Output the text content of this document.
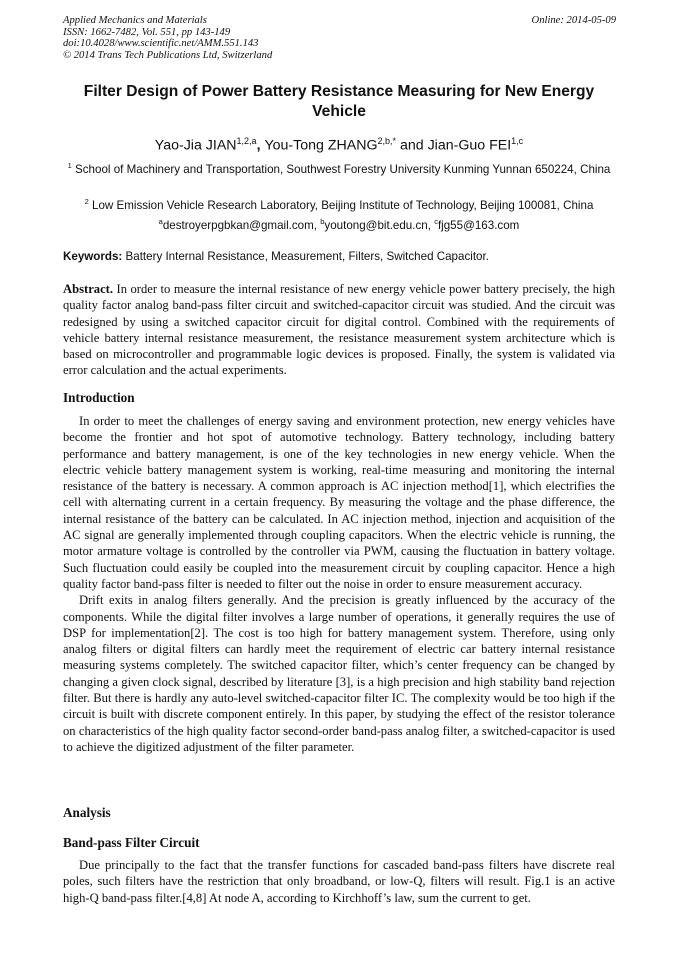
Applied Mechanics and Materials
ISSN: 1662-7482, Vol. 551, pp 143-149
doi:10.4028/www.scientific.net/AMM.551.143
© 2014 Trans Tech Publications Ltd, Switzerland
Online: 2014-05-09
Filter Design of Power Battery Resistance Measuring for New Energy Vehicle
Yao-Jia JIAN$^{1,2,a}$, You-Tong $ZHANG^{2,b,*}$ and Jian-Guo FEI$^{1,c}$
$^1$ School of Machinery and Transportation, Southwest Forestry University Kunming Yunnan 650224, China
$^2$ Low Emission Vehicle Research Laboratory, Beijing Institute of Technology, Beijing 100081, China
$^a$destroyerpgbkan@gmail.com, $^b$youtong@bit.edu.cn, $^c$fjg55@163.com
Keywords: Battery Internal Resistance, Measurement, Filters, Switched Capacitor.
Abstract. In order to measure the internal resistance of new energy vehicle power battery precisely, the high quality factor analog band-pass filter circuit and switched-capacitor circuit was studied. And the circuit was redesigned by using a switched capacitor circuit for digital control. Combined with the requirements of vehicle battery internal resistance measurement, the resistance measurement system architecture which is based on microcontroller and programmable logic devices is proposed. Finally, the system is validated via error calculation and the actual experiments.
Introduction

In order to meet the challenges of energy saving and environment protection, new energy vehicles have become the frontier and hot spot of automotive technology. Battery technology, including battery performance and battery management, is one of the key technologies in new energy vehicle. When the electric vehicle battery management system is working, real-time measuring and monitoring the internal resistance of the battery is necessary. A common approach is AC injection method[1], which electrifies the cell with alternating current in a certain frequency. By measuring the voltage and the phase difference, the internal resistance of the battery can be calculated. In AC injection method, injection and acquisition of the AC signal are generally implemented through coupling capacitors. When the electric vehicle is running, the motor armature voltage is controlled by the controller via PWM, causing the fluctuation in battery voltage. Such fluctuation could easily be coupled into the measurement circuit by coupling capacitor. Hence a high quality factor band-pass filter is needed to filter out the noise in order to ensure measurement accuracy.

Drift exits in analog filters generally. And the precision is greatly influenced by the accuracy of the components. While the digital filter involves a large number of operations, it generally requires the use of DSP for implementation[2]. The cost is too high for battery management system. Therefore, using only analog filters or digital filters can hardly meet the requirement of electric car battery internal resistance measuring systems completely. The switched capacitor filter, which’s center frequency can be changed by changing a given clock signal, described by literature [3], is a high precision and high stability band rejection filter. But there is hardly any auto-level switched-capacitor filter IC. The complexity would be too high if the circuit is built with discrete component entirely. In this paper, by studying the effect of the resistor tolerance on characteristics of the high quality factor second-order band-pass analog filter, a switched-capacitor is used to achieve the digitized adjustment of the filter parameter.

Analysis
Band-pass Filter Circuit

Due principally to the fact that the transfer functions for cascaded band-pass filters have discrete real poles, such filters have the restriction that only broadband, or low-Q, filters will result. Fig.1 is an active high-Q band-pass filter.[4,8] At node A, according to Kirchhoff’s law, sum the current to get.
